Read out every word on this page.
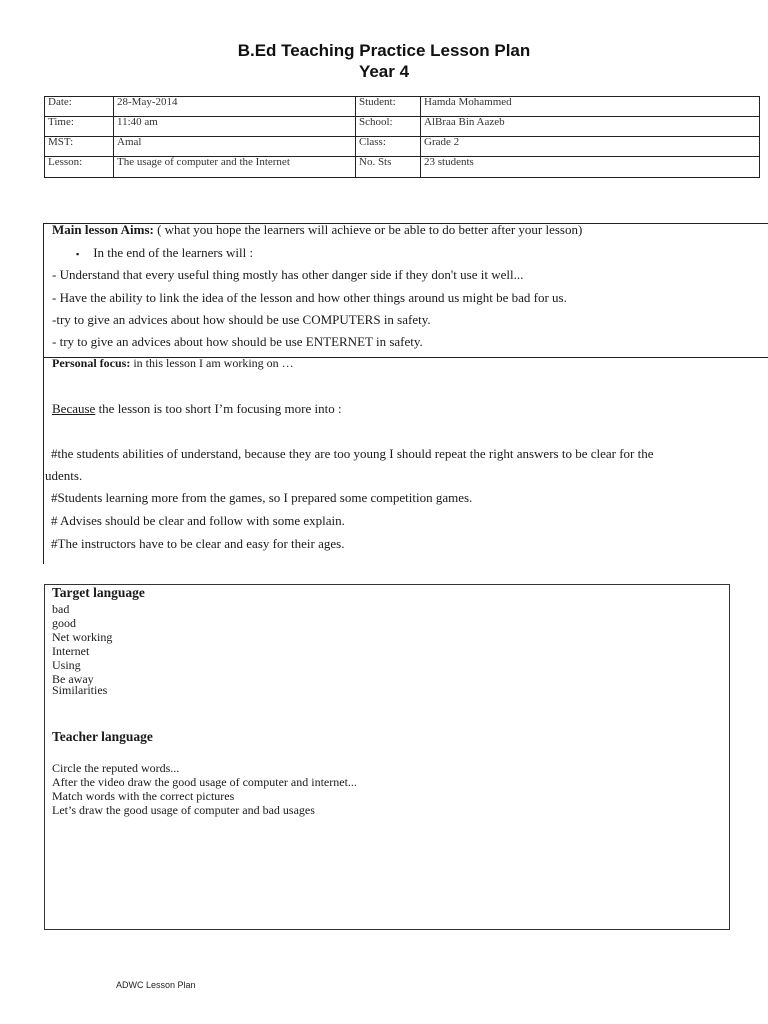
B.Ed Teaching Practice Lesson Plan
Year 4
Date:	28-May-2014	Student:	Hamda Mohammed
Time:	11:40 am	School:	AlBraa Bin Aazeb
MST:	Amal	Class:	Grade 2
Lesson:	The usage of computer and the Internet	No. Sts	23 students
Main lesson Aims: ( what you hope the learners will achieve or be able to do better after your lesson)
▪ In the end of the learners will :
- Understand that every useful thing mostly has other danger side if they don't use it well...
- Have the ability to link the idea of the lesson and how other things around us might be bad for us.
-try to give an advices about how should be use COMPUTERS in safety.
- try to give an advices about how should be use ENTERNET in safety.
Personal focus: in this lesson I am working on …
Because the lesson is too short I’m focusing more into :
#the students abilities of understand, because they are too young I should repeat the right answers to be clear for the
udents.
#Students learning more from the games, so I prepared some competition games.
# Advises should be clear and follow with some explain.
#The instructors have to be clear and easy for their ages.
Target language
bad
good
Net working
Internet
Using
Be away
Similarities
Teacher language
Circle the reputed words...
After the video draw the good usage of computer and internet...
Match words with the correct pictures
Let’s draw the good usage of computer and bad usages
ADWC Lesson Plan
